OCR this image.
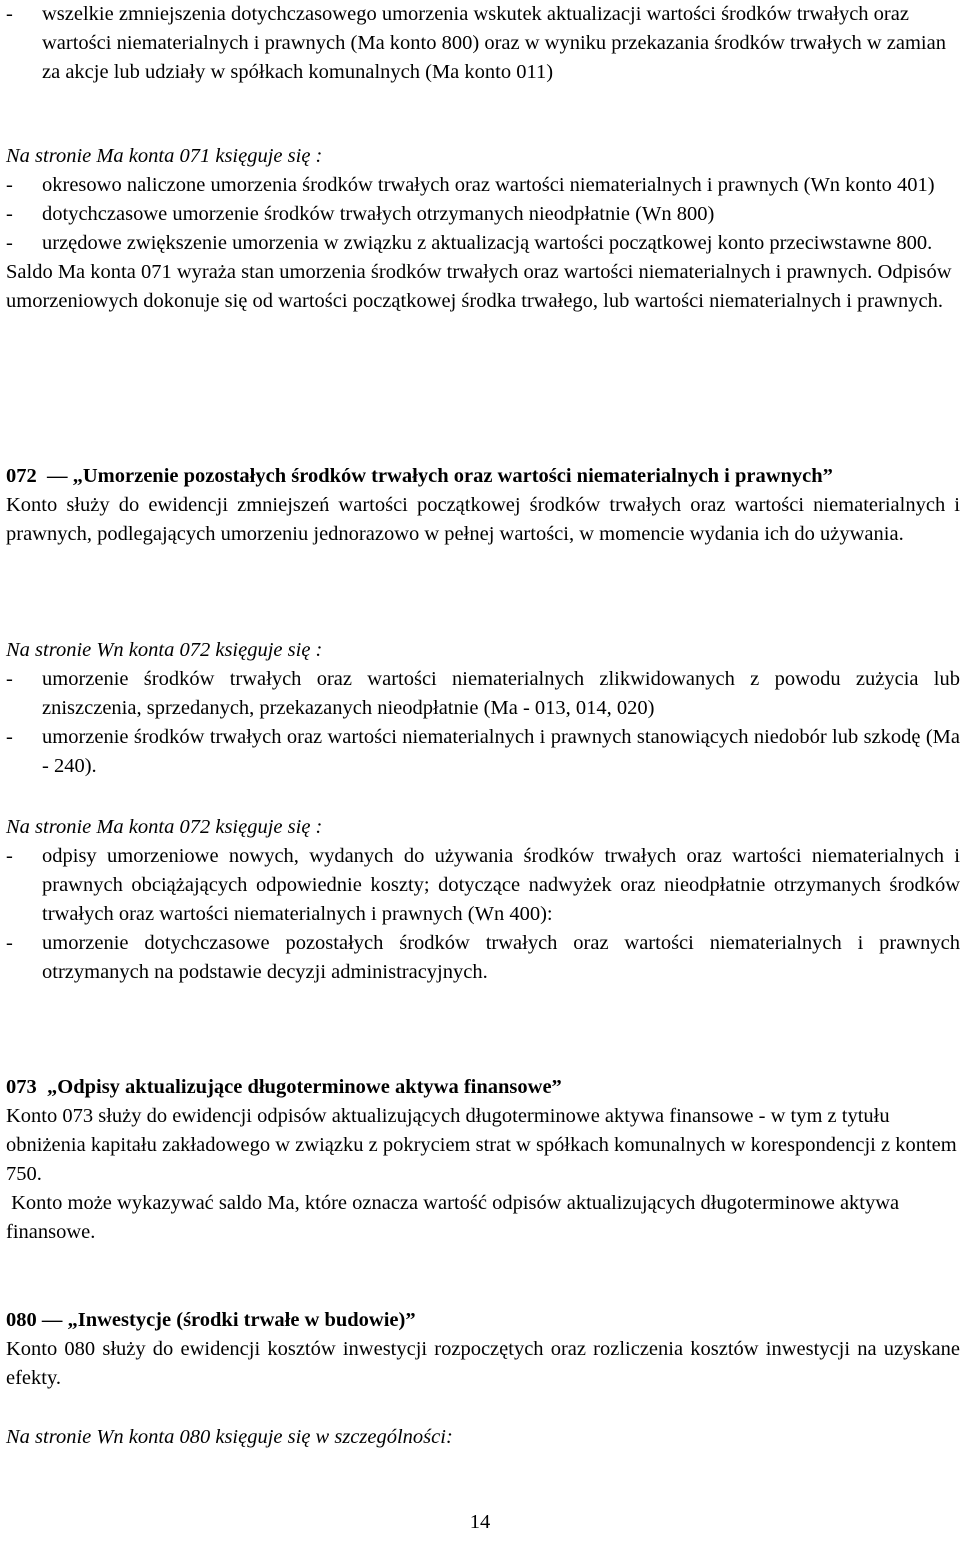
-	wszelkie zmniejszenia dotychczasowego umorzenia wskutek aktualizacji wartości środków trwałych oraz wartości niematerialnych i prawnych (Ma konto 800) oraz w wyniku przekazania środków trwałych w zamian za akcje lub udziały w spółkach komunalnych (Ma konto 011)

Na stronie Ma konta 071 księguje się :

-	okresowo naliczone umorzenia środków trwałych oraz wartości niematerialnych i prawnych (Wn konto 401)
-	dotychczasowe umorzenie środków trwałych otrzymanych nieodpłatnie (Wn 800)
-	urzędowe zwiększenie umorzenia w związku z aktualizacją wartości początkowej konto przeciwstawne 800.

Saldo Ma konta 071 wyraża stan umorzenia środków trwałych oraz wartości niematerialnych i prawnych. Odpisów umorzeniowych dokonuje się od wartości początkowej środka trwałego, lub wartości niematerialnych i prawnych.

072  — „Umorzenie pozostałych środków trwałych oraz wartości niematerialnych i prawnych”

Konto służy do ewidencji zmniejszeń wartości początkowej środków trwałych oraz wartości niematerialnych i prawnych, podlegających umorzeniu jednorazowo w pełnej wartości, w momencie wydania ich do używania.

Na stronie Wn konta 072 księguje się :

-	umorzenie środków trwałych oraz wartości niematerialnych zlikwidowanych z powodu zużycia lub zniszczenia, sprzedanych, przekazanych nieodpłatnie (Ma - 013, 014, 020)
-	umorzenie środków trwałych oraz wartości niematerialnych i prawnych stanowiących niedobór lub szkodę (Ma - 240).

Na stronie Ma konta 072 księguje się :

-	odpisy umorzeniowe nowych, wydanych do używania środków trwałych oraz wartości niematerialnych i prawnych obciążających odpowiednie koszty; dotyczące nadwyżek oraz nieodpłatnie otrzymanych środków trwałych oraz wartości niematerialnych i prawnych (Wn 400):
-	umorzenie dotychczasowe pozostałych środków trwałych oraz wartości niematerialnych i prawnych otrzymanych na podstawie decyzji administracyjnych.

073 „Odpisy aktualizujące długoterminowe aktywa finansowe”

Konto 073 służy do ewidencji odpisów aktualizujących długoterminowe aktywa finansowe - w tym z tytułu obniżenia kapitału zakładowego w związku z pokryciem strat w spółkach komunalnych w korespondencji z kontem 750.

Konto może wykazywać saldo Ma, które oznacza wartość odpisów aktualizujących długoterminowe aktywa finansowe.

080 — „Inwestycje (środki trwałe w budowie)”

Konto 080 służy do ewidencji kosztów inwestycji rozpoczętych oraz rozliczenia kosztów inwestycji na uzyskane efekty.

Na stronie Wn konta 080 księguje się w szczególności:

14
